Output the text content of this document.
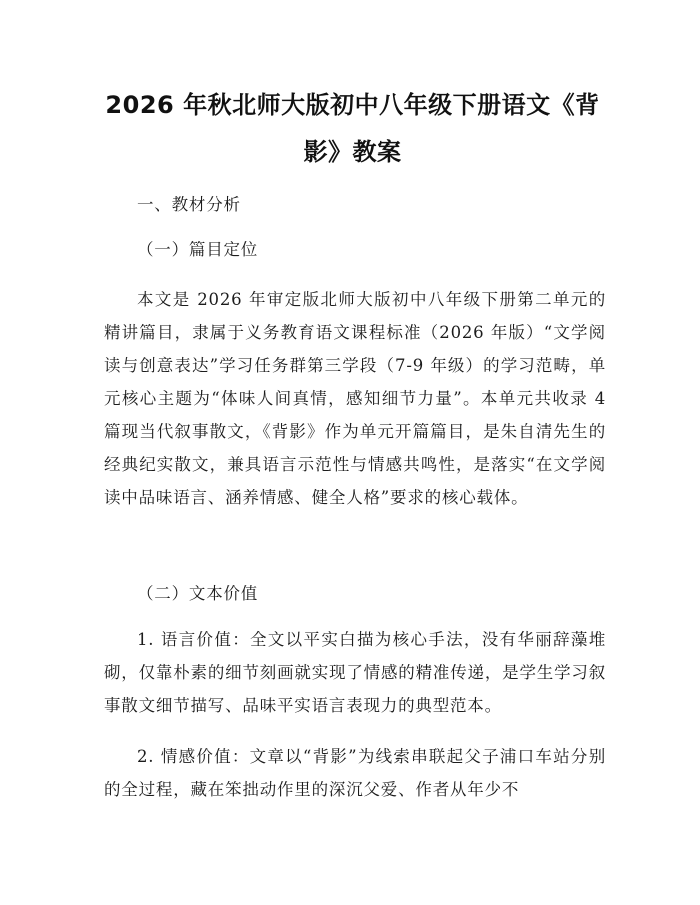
2026 年秋北师大版初中八年级下册语文《背影》教案
一、教材分析
（一）篇目定位
本文是 2026 年审定版北师大版初中八年级下册第二单元的精讲篇目，隶属于义务教育语文课程标准（2026 年版）“文学阅读与创意表达”学习任务群第三学段（7-9 年级）的学习范畴，单元核心主题为“体味人间真情，感知细节力量”。本单元共收录 4 篇现当代叙事散文，《背影》作为单元开篇篇目，是朱自清先生的经典纪实散文，兼具语言示范性与情感共鸣性，是落实“在文学阅读中品味语言、涵养情感、健全人格”要求的核心载体。
（二）文本价值
1. 语言价值：全文以平实白描为核心手法，没有华丽辞藻堆砌，仅靠朴素的细节刻画就实现了情感的精准传递，是学生学习叙事散文细节描写、品味平实语言表现力的典型范本。
2. 情感价值：文章以“背影”为线索串联起父子浦口车站分别的全过程，藏在笨拙动作里的深沉父爱、作者从年少不
